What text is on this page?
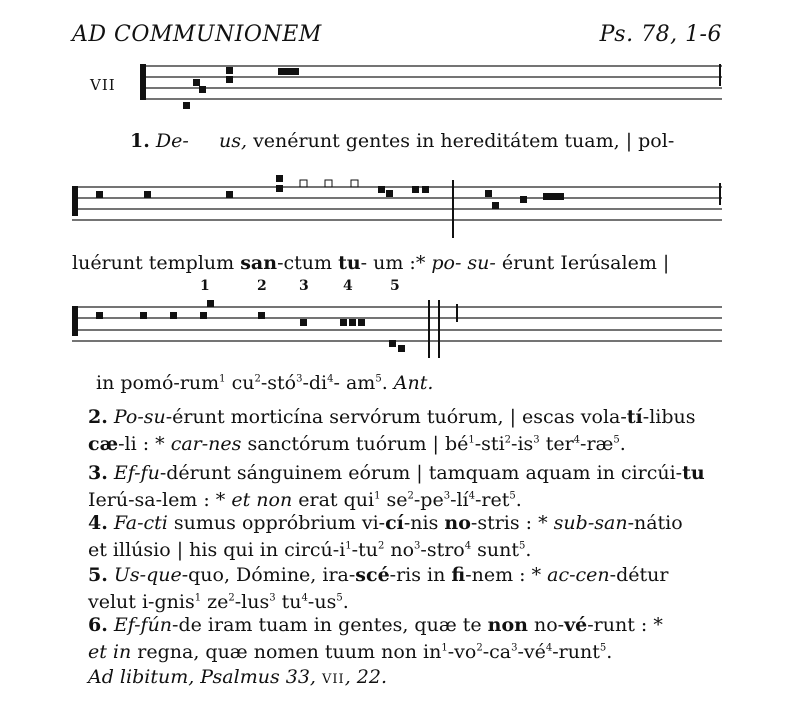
AD COMMUNIONEM	Ps. 78, 1-6
VII
1. De- us, venérunt gentes in hereditátem tuam, | pol-
luérunt templum san-ctum tu- um :* po- su- érunt Ierúsalem |
1	2 3 4	5
in pomó-rum$^1$ $cu^2-stó^3-di^4-$ $am^5$. Ant.
2. Po-su-érunt morticína servórum tuórum, | escas vola-tí-libus
cæ-li : * car-nes sanctórum tuórum | $bé^1-sti^2-is^3$ $ter^4-ræ^5$.
3. Ef-fu-dérunt sánguinem eórum | tamquam aquam in circúi-tu
Ierú-sa-lem : * et non erat qui$^1$ $se^2-pe^3-lí^4-ret^5$.
4. Fa-cti sumus oppróbrium vi-cí-nis no-stris : * sub-san-nátio
et illúsio | his qui in circú-$i^1-tu^2$ $no^3-stro^4$ sunt$^5$.
5. Us-que-quo, Dómine, ira-scé-ris in fi-nem : * ac-cen-détur
velut i-gnis$^1$ $ze^2-lus^3$ $tu^4-us^5$.
6. Ef-fún-de iram tuam in gentes, quæ te non no-vé-runt : *
et in regna, quæ nomen tuum non $in^1-vo^2-ca^3-vé^4-runt^5$.
Ad libitum, Psalmus 33, vii, 22.
